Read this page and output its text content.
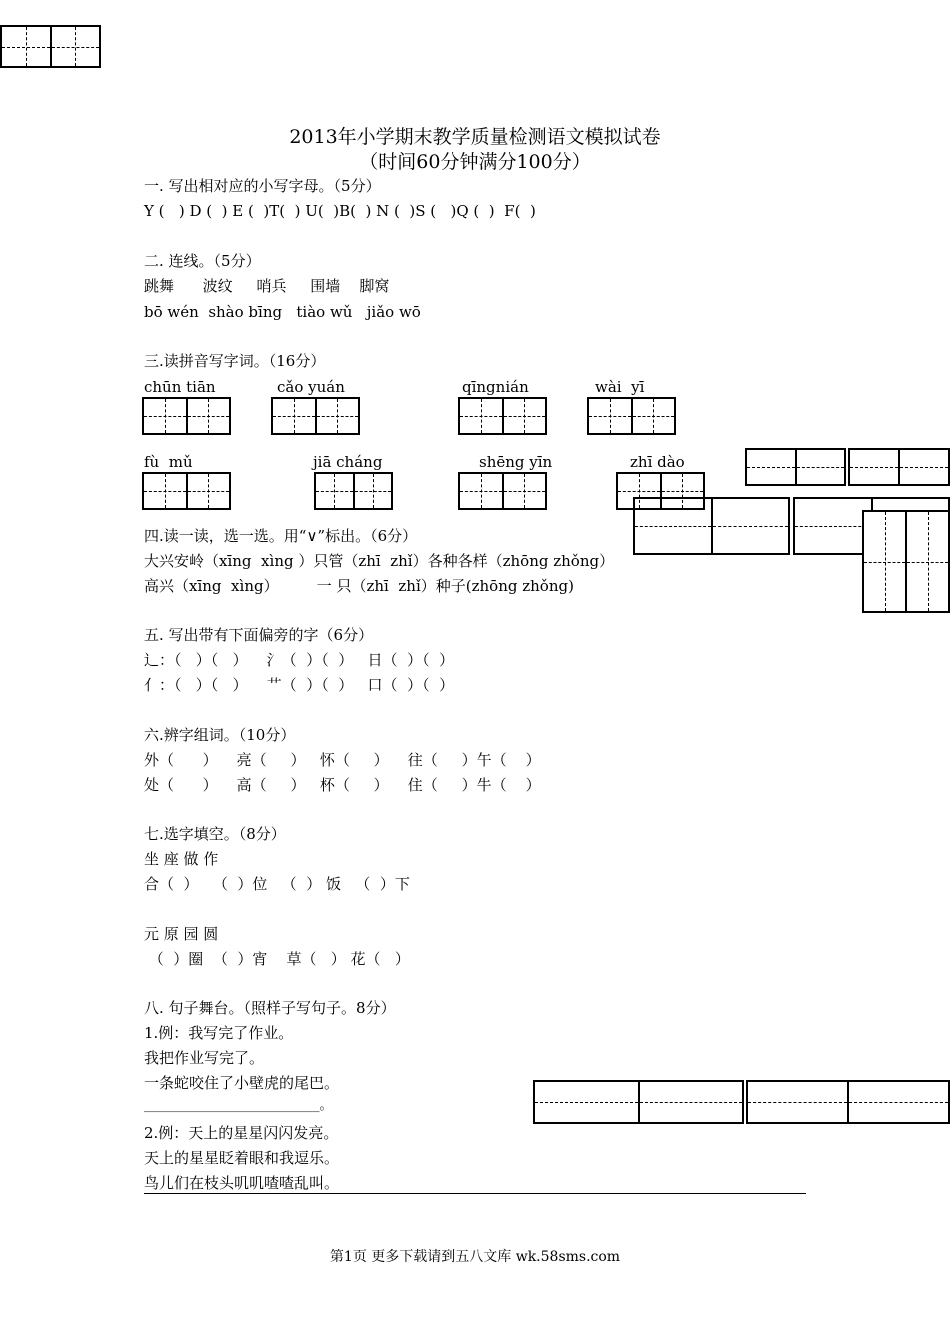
2013年小学期末教学质量检测语文模拟试卷
（时间60分钟满分100分）
一. 写出相对应的小写字母。（5分）
Y (   ) D (  ) E (  )T(  ) U(  )B(  ) N (  )S (   )Q (  )  F(  )
二. 连线。（5分）
跳舞      波纹     哨兵     围墙    脚窝
bō wén  shào bīng   tiào wǔ   jiǎo wō
三.读拼音写字词。（16分）
chūn tiān	cǎo yuán	qīngnián	wài  yī
fù  mǔ	jiā cháng	shēng yīn	zhī dào
四.读一读，选一选。用“∨”标出。（6分）
大兴安岭（xīng  xìng ）只管（zhī  zhǐ）各种各样（zhōng zhǒng）
高兴（xīng  xìng）        一 只（zhī  zhǐ）种子(zhōng zhǒng)
五. 写出带有下面偏旁的字（6分）
辶：（   ）（   ）    氵（  ）（  ）   日（  ）（  ）
亻：（   ）（   ）    艹（  ）（  ）   口（  ）（  ）
六.辨字组词。（10分）
外（      ）    亮（     ）   怀（     ）    往（     ）午（    ）
处（      ）    高（     ）   杯（     ）    住（     ）牛（    ）
七.选字填空。（8分）
坐 座 做 作
合（  ）   （  ）位   （  ） 饭   （  ）下
元 原 园 圆
（  ）圈  （  ）宵    草（   ） 花（   ）
八. 句子舞台。（照样子写句子。8分）
1.例：我写完了作业。
我把作业写完了。
一条蛇咬住了小壁虎的尾巴。
___________________________。
2.例：天上的星星闪闪发亮。
天上的星星眨着眼和我逗乐。
鸟儿们在枝头叽叽喳喳乱叫。
第1页 更多下载请到五八文库 wk.58sms.com
